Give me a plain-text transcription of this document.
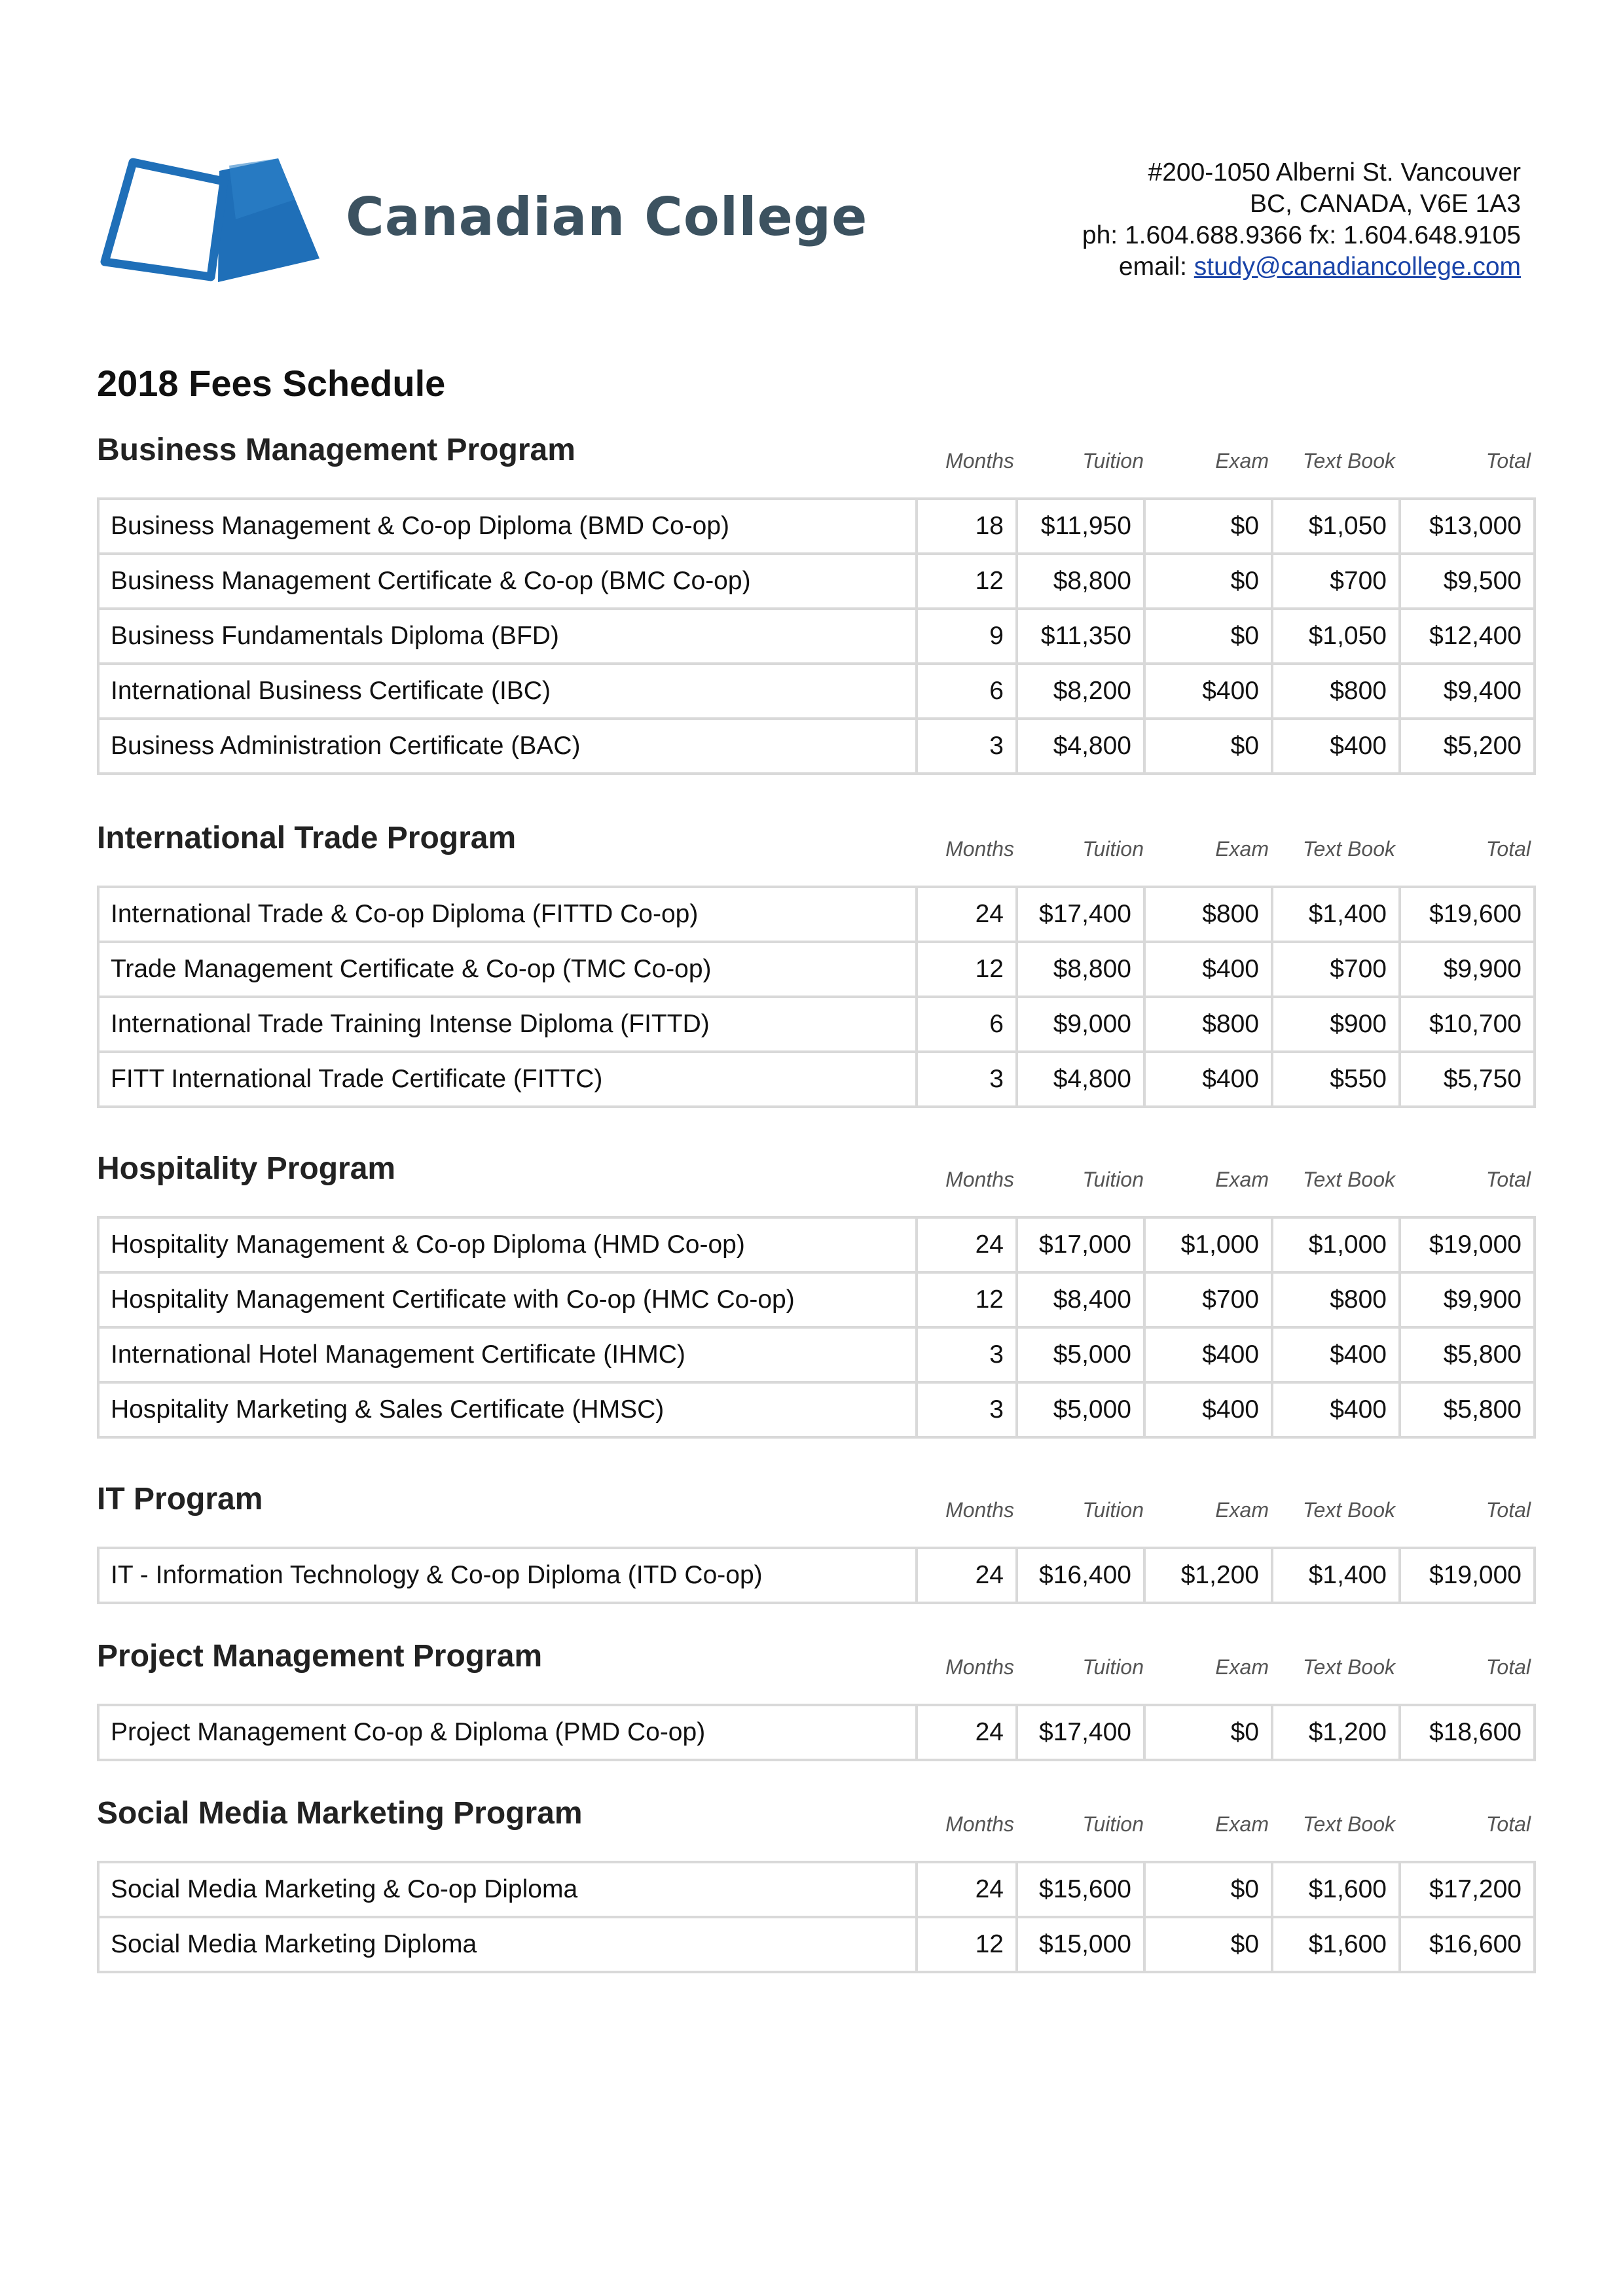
Canadian College
#200-1050 Alberni St. Vancouver
BC, CANADA, V6E 1A3
ph: 1.604.688.9366 fx: 1.604.648.9105
email: study@canadiancollege.com
2018 Fees Schedule
Business Management Program	Months	Tuition	Exam	Text Book	Total
Business Management & Co-op Diploma (BMD Co-op)	18	$11,950	$0	$1,050	$13,000
Business Management Certificate & Co-op (BMC Co-op)	12	$8,800	$0	$700	$9,500
Business Fundamentals Diploma (BFD)	9	$11,350	$0	$1,050	$12,400
International Business Certificate (IBC)	6	$8,200	$400	$800	$9,400
Business Administration Certificate (BAC)	3	$4,800	$0	$400	$5,200
International Trade Program	Months	Tuition	Exam	Text Book	Total
International Trade & Co-op Diploma (FITTD Co-op)	24	$17,400	$800	$1,400	$19,600
Trade Management Certificate & Co-op (TMC Co-op)	12	$8,800	$400	$700	$9,900
International Trade Training Intense Diploma (FITTD)	6	$9,000	$800	$900	$10,700
FITT International Trade Certificate (FITTC)	3	$4,800	$400	$550	$5,750
Hospitality Program	Months	Tuition	Exam	Text Book	Total
Hospitality Management & Co-op Diploma (HMD Co-op)	24	$17,000	$1,000	$1,000	$19,000
Hospitality Management Certificate with Co-op (HMC Co-op)	12	$8,400	$700	$800	$9,900
International Hotel Management Certificate (IHMC)	3	$5,000	$400	$400	$5,800
Hospitality Marketing & Sales Certificate (HMSC)	3	$5,000	$400	$400	$5,800
IT Program	Months	Tuition	Exam	Text Book	Total
IT - Information Technology & Co-op Diploma (ITD Co-op)	24	$16,400	$1,200	$1,400	$19,000
Project Management Program	Months	Tuition	Exam	Text Book	Total
Project Management Co-op & Diploma (PMD Co-op)	24	$17,400	$0	$1,200	$18,600
Social Media Marketing Program	Months	Tuition	Exam	Text Book	Total
Social Media Marketing & Co-op Diploma	24	$15,600	$0	$1,600	$17,200
Social Media Marketing Diploma	12	$15,000	$0	$1,600	$16,600
